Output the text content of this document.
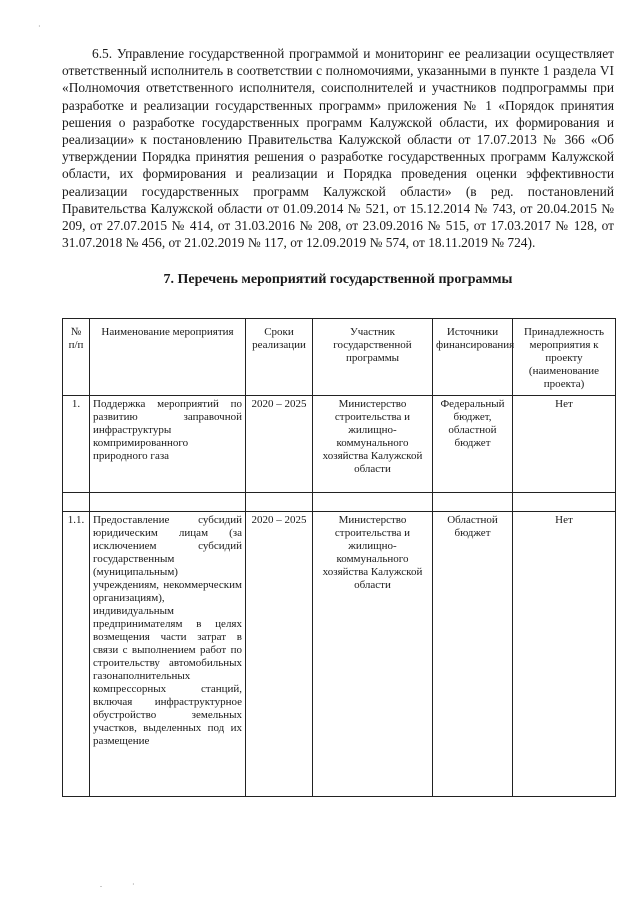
·
.	·

6.5. Управление государственной программой и мониторинг ее реализации осуществляет ответственный исполнитель в соответствии с полномочиями, указанными в пункте 1 раздела VI «Полномочия ответственного исполнителя, соисполнителей и участников подпрограммы при разработке и реализации государственных программ» приложения № 1 «Порядок принятия решения о разработке государственных программ Калужской области, их формирования и реализации» к постановлению Правительства Калужской области от 17.07.2013 № 366 «Об утверждении Порядка принятия решения о разработке государственных программ Калужской области, их формирования и реализации и Порядка проведения оценки эффективности реализации государственных программ Калужской области» (в ред. постановлений Правительства Калужской области от 01.09.2014 № 521, от 15.12.2014 № 743, от 20.04.2015 № 209, от 27.07.2015 № 414, от 31.03.2016 № 208, от 23.09.2016 № 515, от 17.03.2017 № 128, от 31.07.2018 № 456, от 21.02.2019 № 117, от 12.09.2019 № 574, от 18.11.2019 № 724).

7. Перечень мероприятий государственной программы
№ п/п	Наименование мероприятия	Сроки реализации	Участник государственной программы	Источники финансирования	Принадлежность мероприятия к проекту (наименование проекта)
1.	Поддержка мероприятий по развитию заправочной инфраструктуры компримированного природного газа	2020 – 2025	Министерство строительства и жилищно-коммунального хозяйства Калужской области	Федеральный бюджет, областной бюджет	Нет

1.1.	Предоставление субсидий юридическим лицам (за исключением субсидий государственным (муниципальным) учреждениям, некоммерческим организациям), индивидуальным предпринимателям в целях возмещения части затрат в связи с выполнением работ по строительству автомобильных газонаполнительных компрессорных станций, включая инфраструктурное обустройство земельных участков, выделенных под их размещение	2020 – 2025	Министерство строительства и жилищно-коммунального хозяйства Калужской области	Областной бюджет	Нет
